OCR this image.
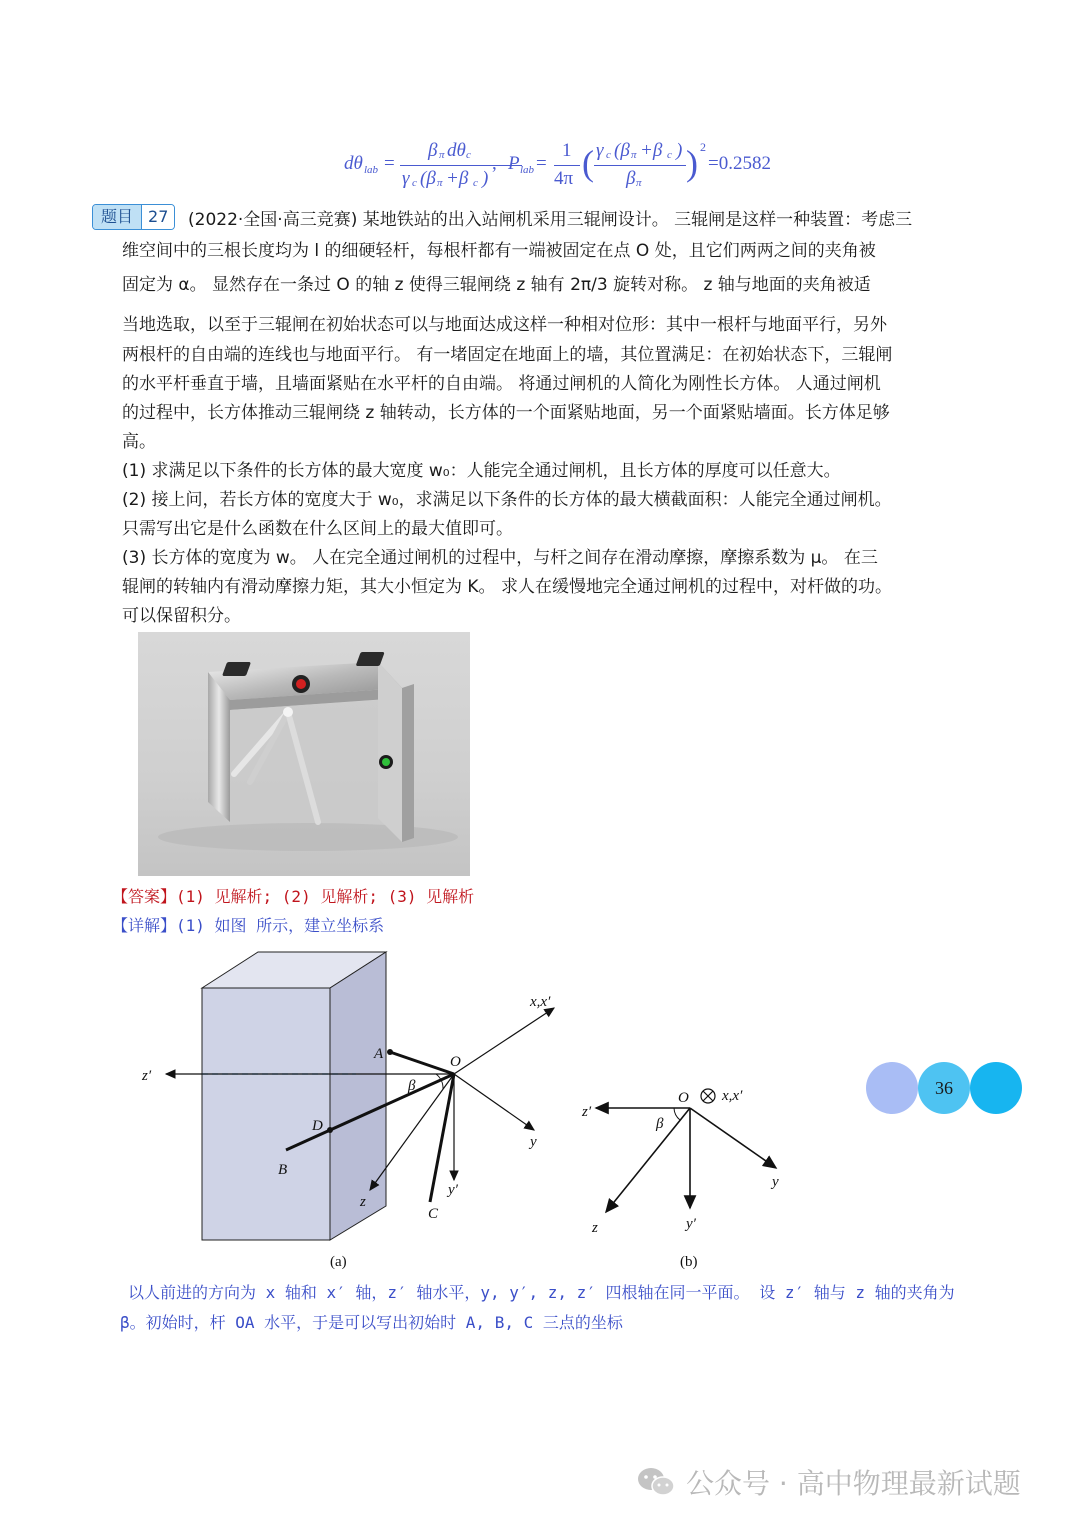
dθ lab =
β π dθ c
γ c (β π +β c )
, P lab =
1
4π ( γ c (β π +β c )
β π ) 2
=0.2582
题目 27	(2022·全国·高三竞赛) 某地铁站的出入站闸机采用三辊闸设计。 三辊闸是这样一种装置：考虑三
维空间中的三根长度均为 l 的细硬轻杆，每根杆都有一端被固定在点 O 处，且它们两两之间的夹角被
固定为 α。 显然存在一条过 O 的轴 z 使得三辊闸绕 z 轴有 2π/3 旋转对称。 z 轴与地面的夹角被适
当地选取，以至于三辊闸在初始状态可以与地面达成这样一种相对位形：其中一根杆与地面平行，另外
两根杆的自由端的连线也与地面平行。 有一堵固定在地面上的墙，其位置满足：在初始状态下，三辊闸
的水平杆垂直于墙，且墙面紧贴在水平杆的自由端。 将通过闸机的人简化为刚性长方体。 人通过闸机
的过程中，长方体推动三辊闸绕 z 轴转动，长方体的一个面紧贴地面，另一个面紧贴墙面。长方体足够
高。
(1) 求满足以下条件的长方体的最大宽度 w₀：人能完全通过闸机，且长方体的厚度可以任意大。
(2) 接上问，若长方体的宽度大于 w₀，求满足以下条件的长方体的最大横截面积：人能完全通过闸机。
只需写出它是什么函数在什么区间上的最大值即可。
(3) 长方体的宽度为 w。 人在完全通过闸机的过程中，与杆之间存在滑动摩擦，摩擦系数为 μ。 在三
辊闸的转轴内有滑动摩擦力矩，其大小恒定为 K。 求人在缓慢地完全通过闸机的过程中，对杆做的功。
可以保留积分。
【答案】(1) 见解析; (2) 见解析; (3) 见解析
【详解】(1) 如图 所示，建立坐标系
x,x′
A	O
z′
β
D
y
B
y′
C
z
(a)
O x,x′
z′
β
y
z	y′
(b)
以人前进的方向为 x 轴和 x′ 轴，z′ 轴水平，y, y′, z, z′ 四根轴在同一平面。 设 z′ 轴与 z 轴的夹角为
β。初始时，杆 OA 水平，于是可以写出初始时 A, B, C 三点的坐标
36
公众号 · 高中物理最新试题
